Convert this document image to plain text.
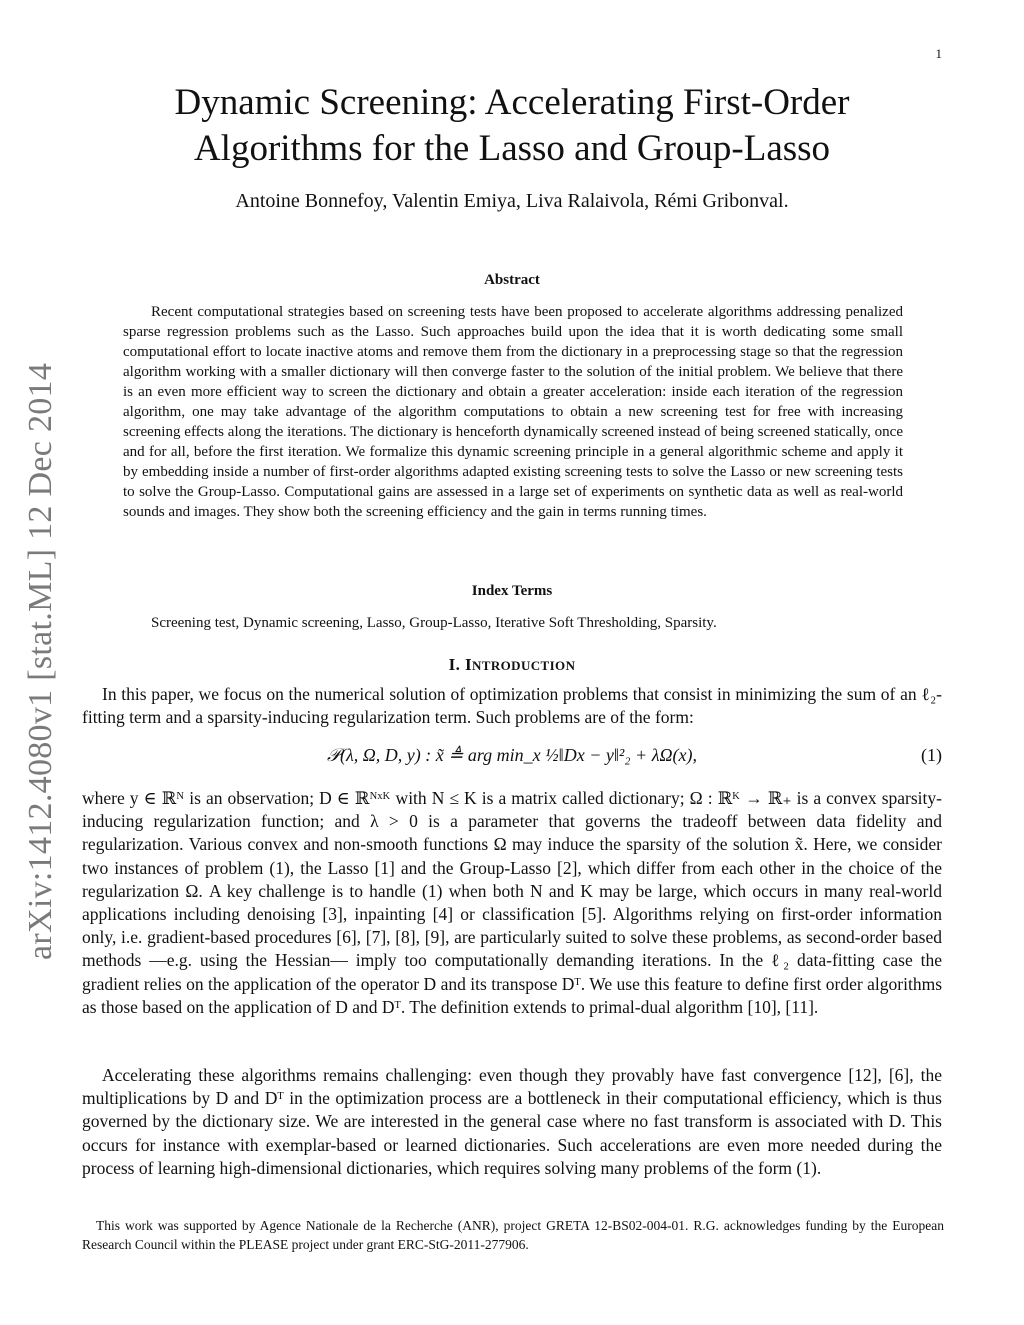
1
arXiv:1412.4080v1 [stat.ML] 12 Dec 2014
Dynamic Screening: Accelerating First-Order
Algorithms for the Lasso and Group-Lasso
Antoine Bonnefoy, Valentin Emiya, Liva Ralaivola, Rémi Gribonval.
Abstract

Recent computational strategies based on screening tests have been proposed to accelerate algorithms addressing penalized sparse regression problems such as the Lasso. Such approaches build upon the idea that it is worth dedicating some small computational effort to locate inactive atoms and remove them from the dictionary in a preprocessing stage so that the regression algorithm working with a smaller dictionary will then converge faster to the solution of the initial problem. We believe that there is an even more efficient way to screen the dictionary and obtain a greater acceleration: inside each iteration of the regression algorithm, one may take advantage of the algorithm computations to obtain a new screening test for free with increasing screening effects along the iterations. The dictionary is henceforth dynamically screened instead of being screened statically, once and for all, before the first iteration. We formalize this dynamic screening principle in a general algorithmic scheme and apply it by embedding inside a number of first-order algorithms adapted existing screening tests to solve the Lasso or new screening tests to solve the Group-Lasso. Computational gains are assessed in a large set of experiments on synthetic data as well as real-world sounds and images. They show both the screening efficiency and the gain in terms running times.

Index Terms

Screening test, Dynamic screening, Lasso, Group-Lasso, Iterative Soft Thresholding, Sparsity.

I. INTRODUCTION

In this paper, we focus on the numerical solution of optimization problems that consist in minimizing the sum of an ℓ₂-fitting term and a sparsity-inducing regularization term. Such problems are of the form:

𝒫(λ, Ω, D, y) : x̃ ≜ arg min_x ½‖Dx − y‖²₂ + λΩ(x),	(1)

where y ∈ ℝᴺ is an observation; D ∈ ℝᴺˣᴷ with N ≤ K is a matrix called dictionary; Ω : ℝᴷ → ℝ₊ is a convex sparsity-inducing regularization function; and λ > 0 is a parameter that governs the tradeoff between data fidelity and regularization. Various convex and non-smooth functions Ω may induce the sparsity of the solution x̃. Here, we consider two instances of problem (1), the Lasso [1] and the Group-Lasso [2], which differ from each other in the choice of the regularization Ω. A key challenge is to handle (1) when both N and K may be large, which occurs in many real-world applications including denoising [3], inpainting [4] or classification [5]. Algorithms relying on first-order information only, i.e. gradient-based procedures [6], [7], [8], [9], are particularly suited to solve these problems, as second-order based methods —e.g. using the Hessian— imply too computationally demanding iterations. In the ℓ₂ data-fitting case the gradient relies on the application of the operator D and its transpose Dᵀ. We use this feature to define first order algorithms as those based on the application of D and Dᵀ. The definition extends to primal-dual algorithm [10], [11].

Accelerating these algorithms remains challenging: even though they provably have fast convergence [12], [6], the multiplications by D and Dᵀ in the optimization process are a bottleneck in their computational efficiency, which is thus governed by the dictionary size. We are interested in the general case where no fast transform is associated with D. This occurs for instance with exemplar-based or learned dictionaries. Such accelerations are even more needed during the process of learning high-dimensional dictionaries, which requires solving many problems of the form (1).

This work was supported by Agence Nationale de la Recherche (ANR), project GRETA 12-BS02-004-01. R.G. acknowledges funding by the European Research Council within the PLEASE project under grant ERC-StG-2011-277906.
